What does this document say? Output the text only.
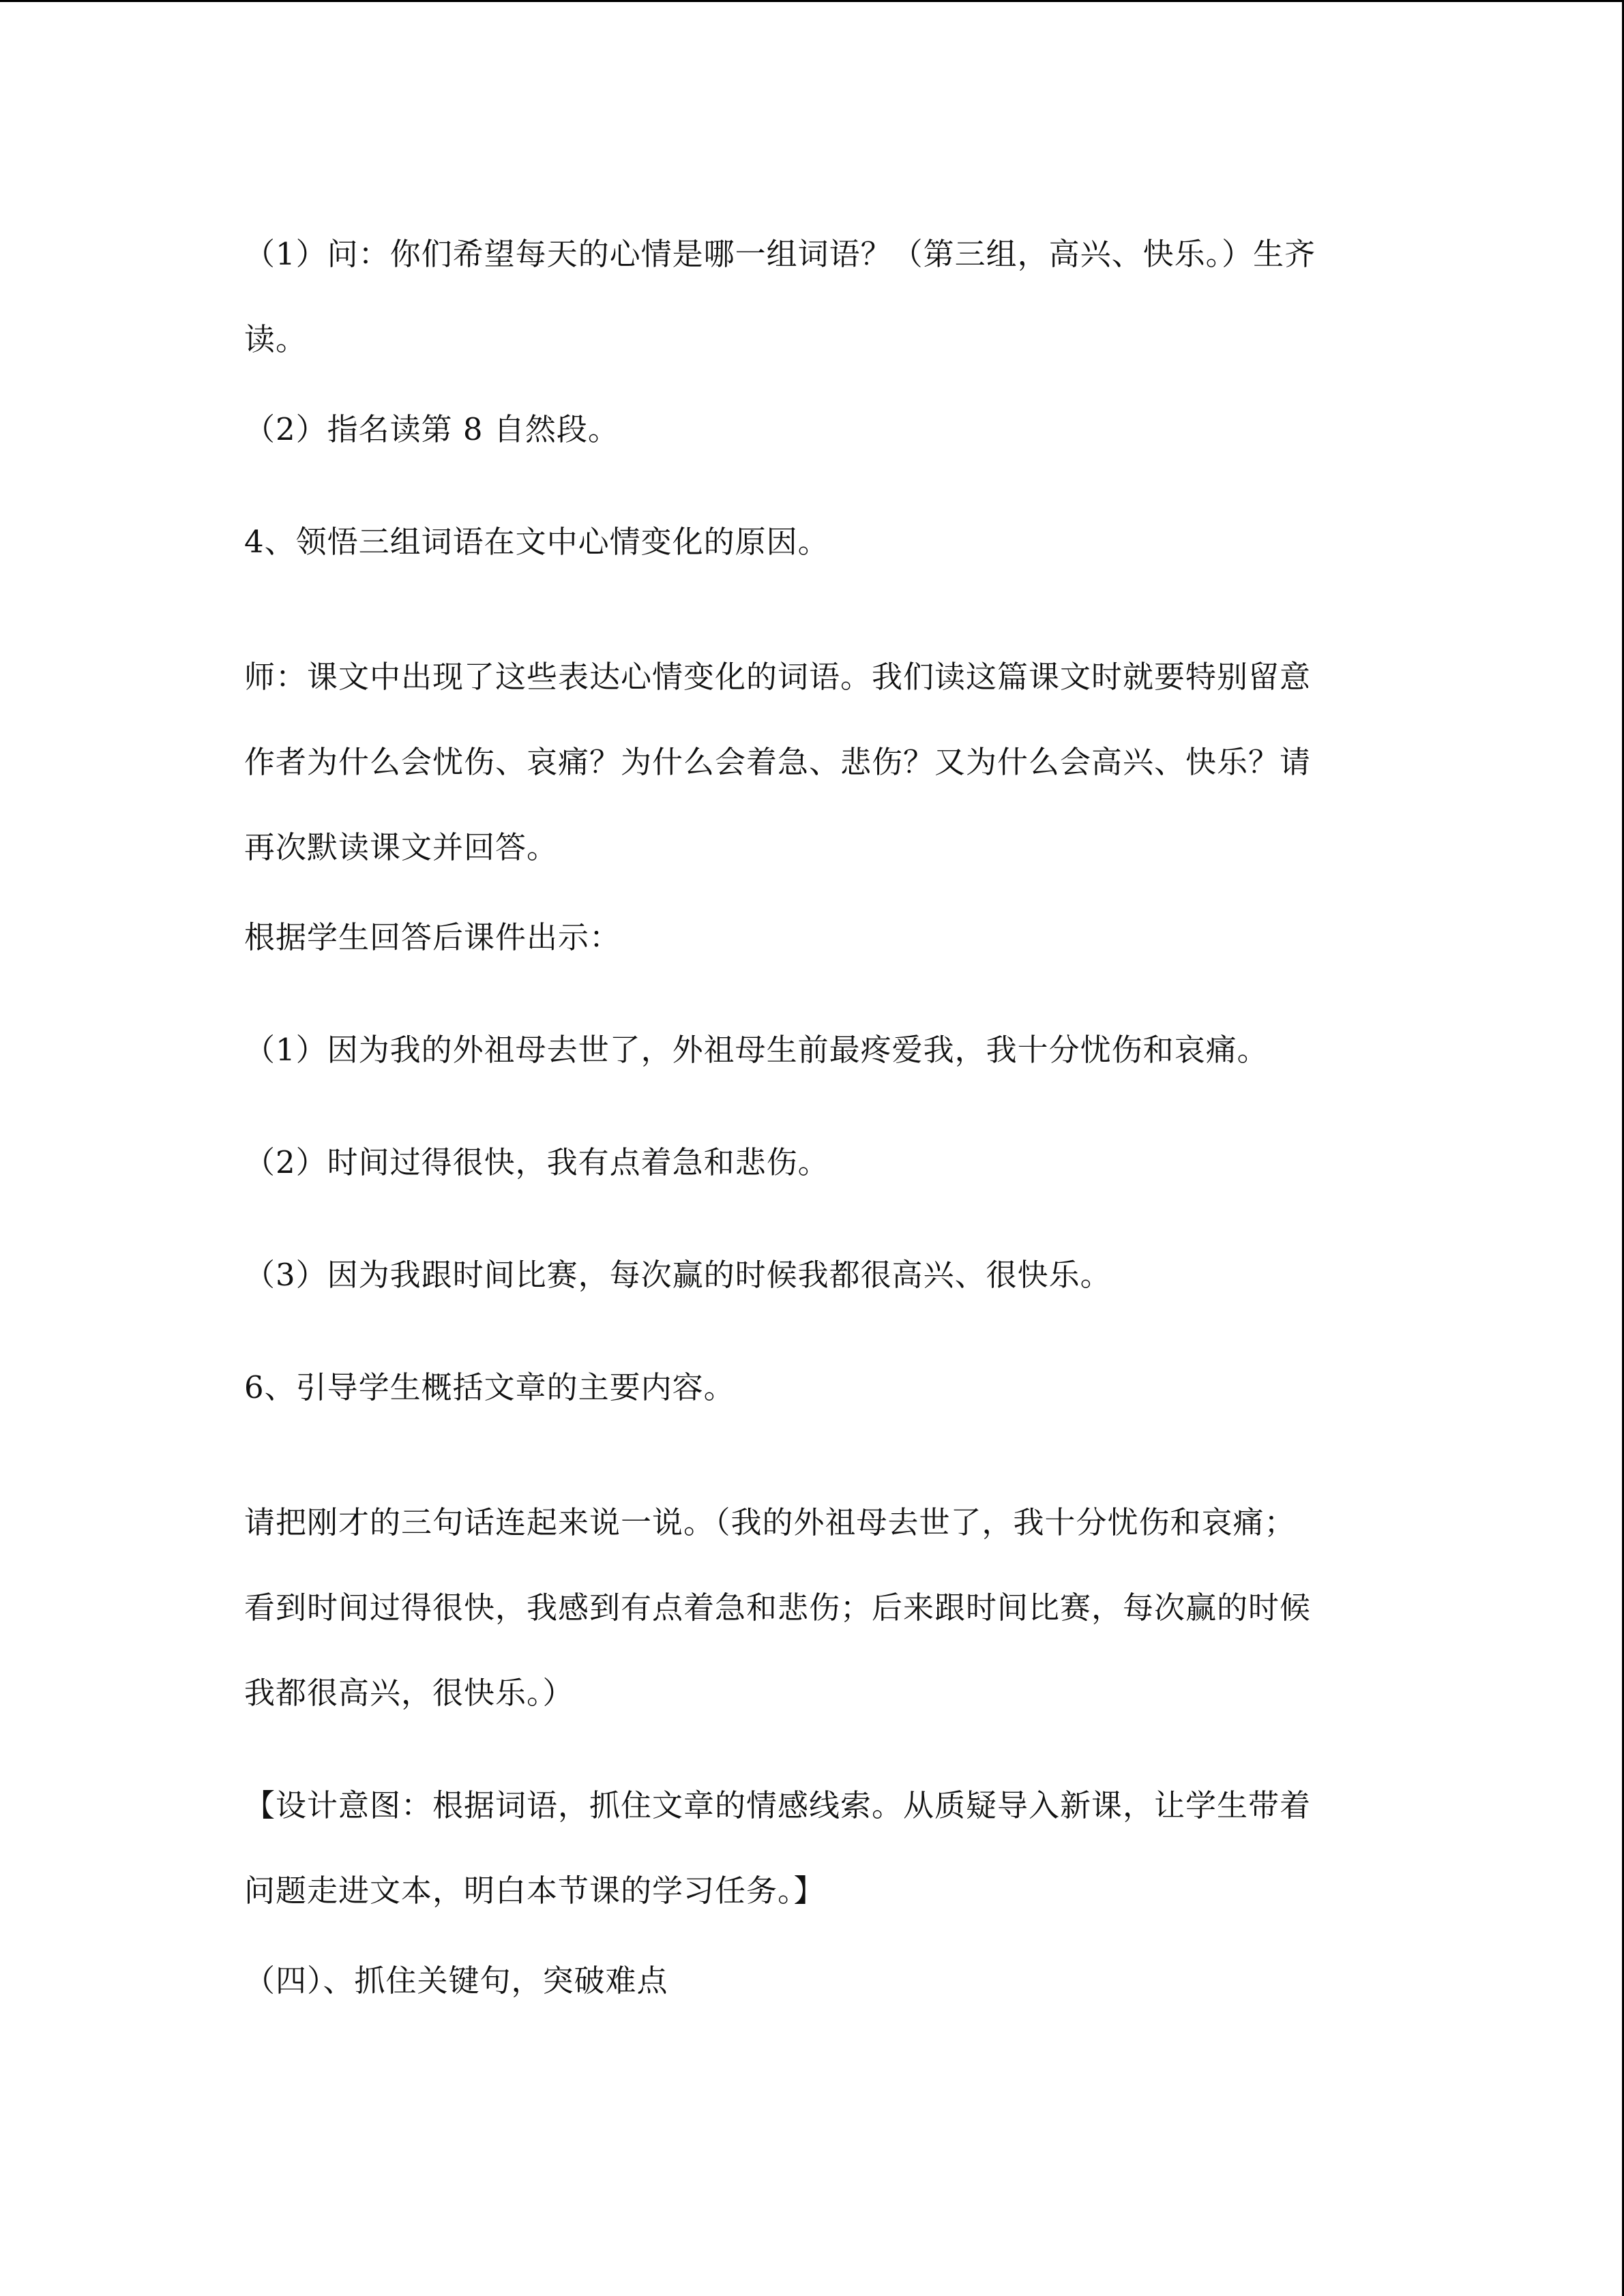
（1）问：你们希望每天的心情是哪一组词语？（第三组，高兴、快乐。）生齐
读。

（2）指名读第 8 自然段。

4、领悟三组词语在文中心情变化的原因。

师：课文中出现了这些表达心情变化的词语。我们读这篇课文时就要特别留意
作者为什么会忧伤、哀痛？为什么会着急、悲伤？又为什么会高兴、快乐？请
再次默读课文并回答。

根据学生回答后课件出示：

（1）因为我的外祖母去世了，外祖母生前最疼爱我，我十分忧伤和哀痛。

（2）时间过得很快，我有点着急和悲伤。

（3）因为我跟时间比赛，每次赢的时候我都很高兴、很快乐。

6、引导学生概括文章的主要内容。

请把刚才的三句话连起来说一说。（我的外祖母去世了，我十分忧伤和哀痛；
看到时间过得很快，我感到有点着急和悲伤；后来跟时间比赛，每次赢的时候
我都很高兴，很快乐。）

【设计意图：根据词语，抓住文章的情感线索。从质疑导入新课，让学生带着
问题走进文本，明白本节课的学习任务。】

（四）、抓住关键句，突破难点
